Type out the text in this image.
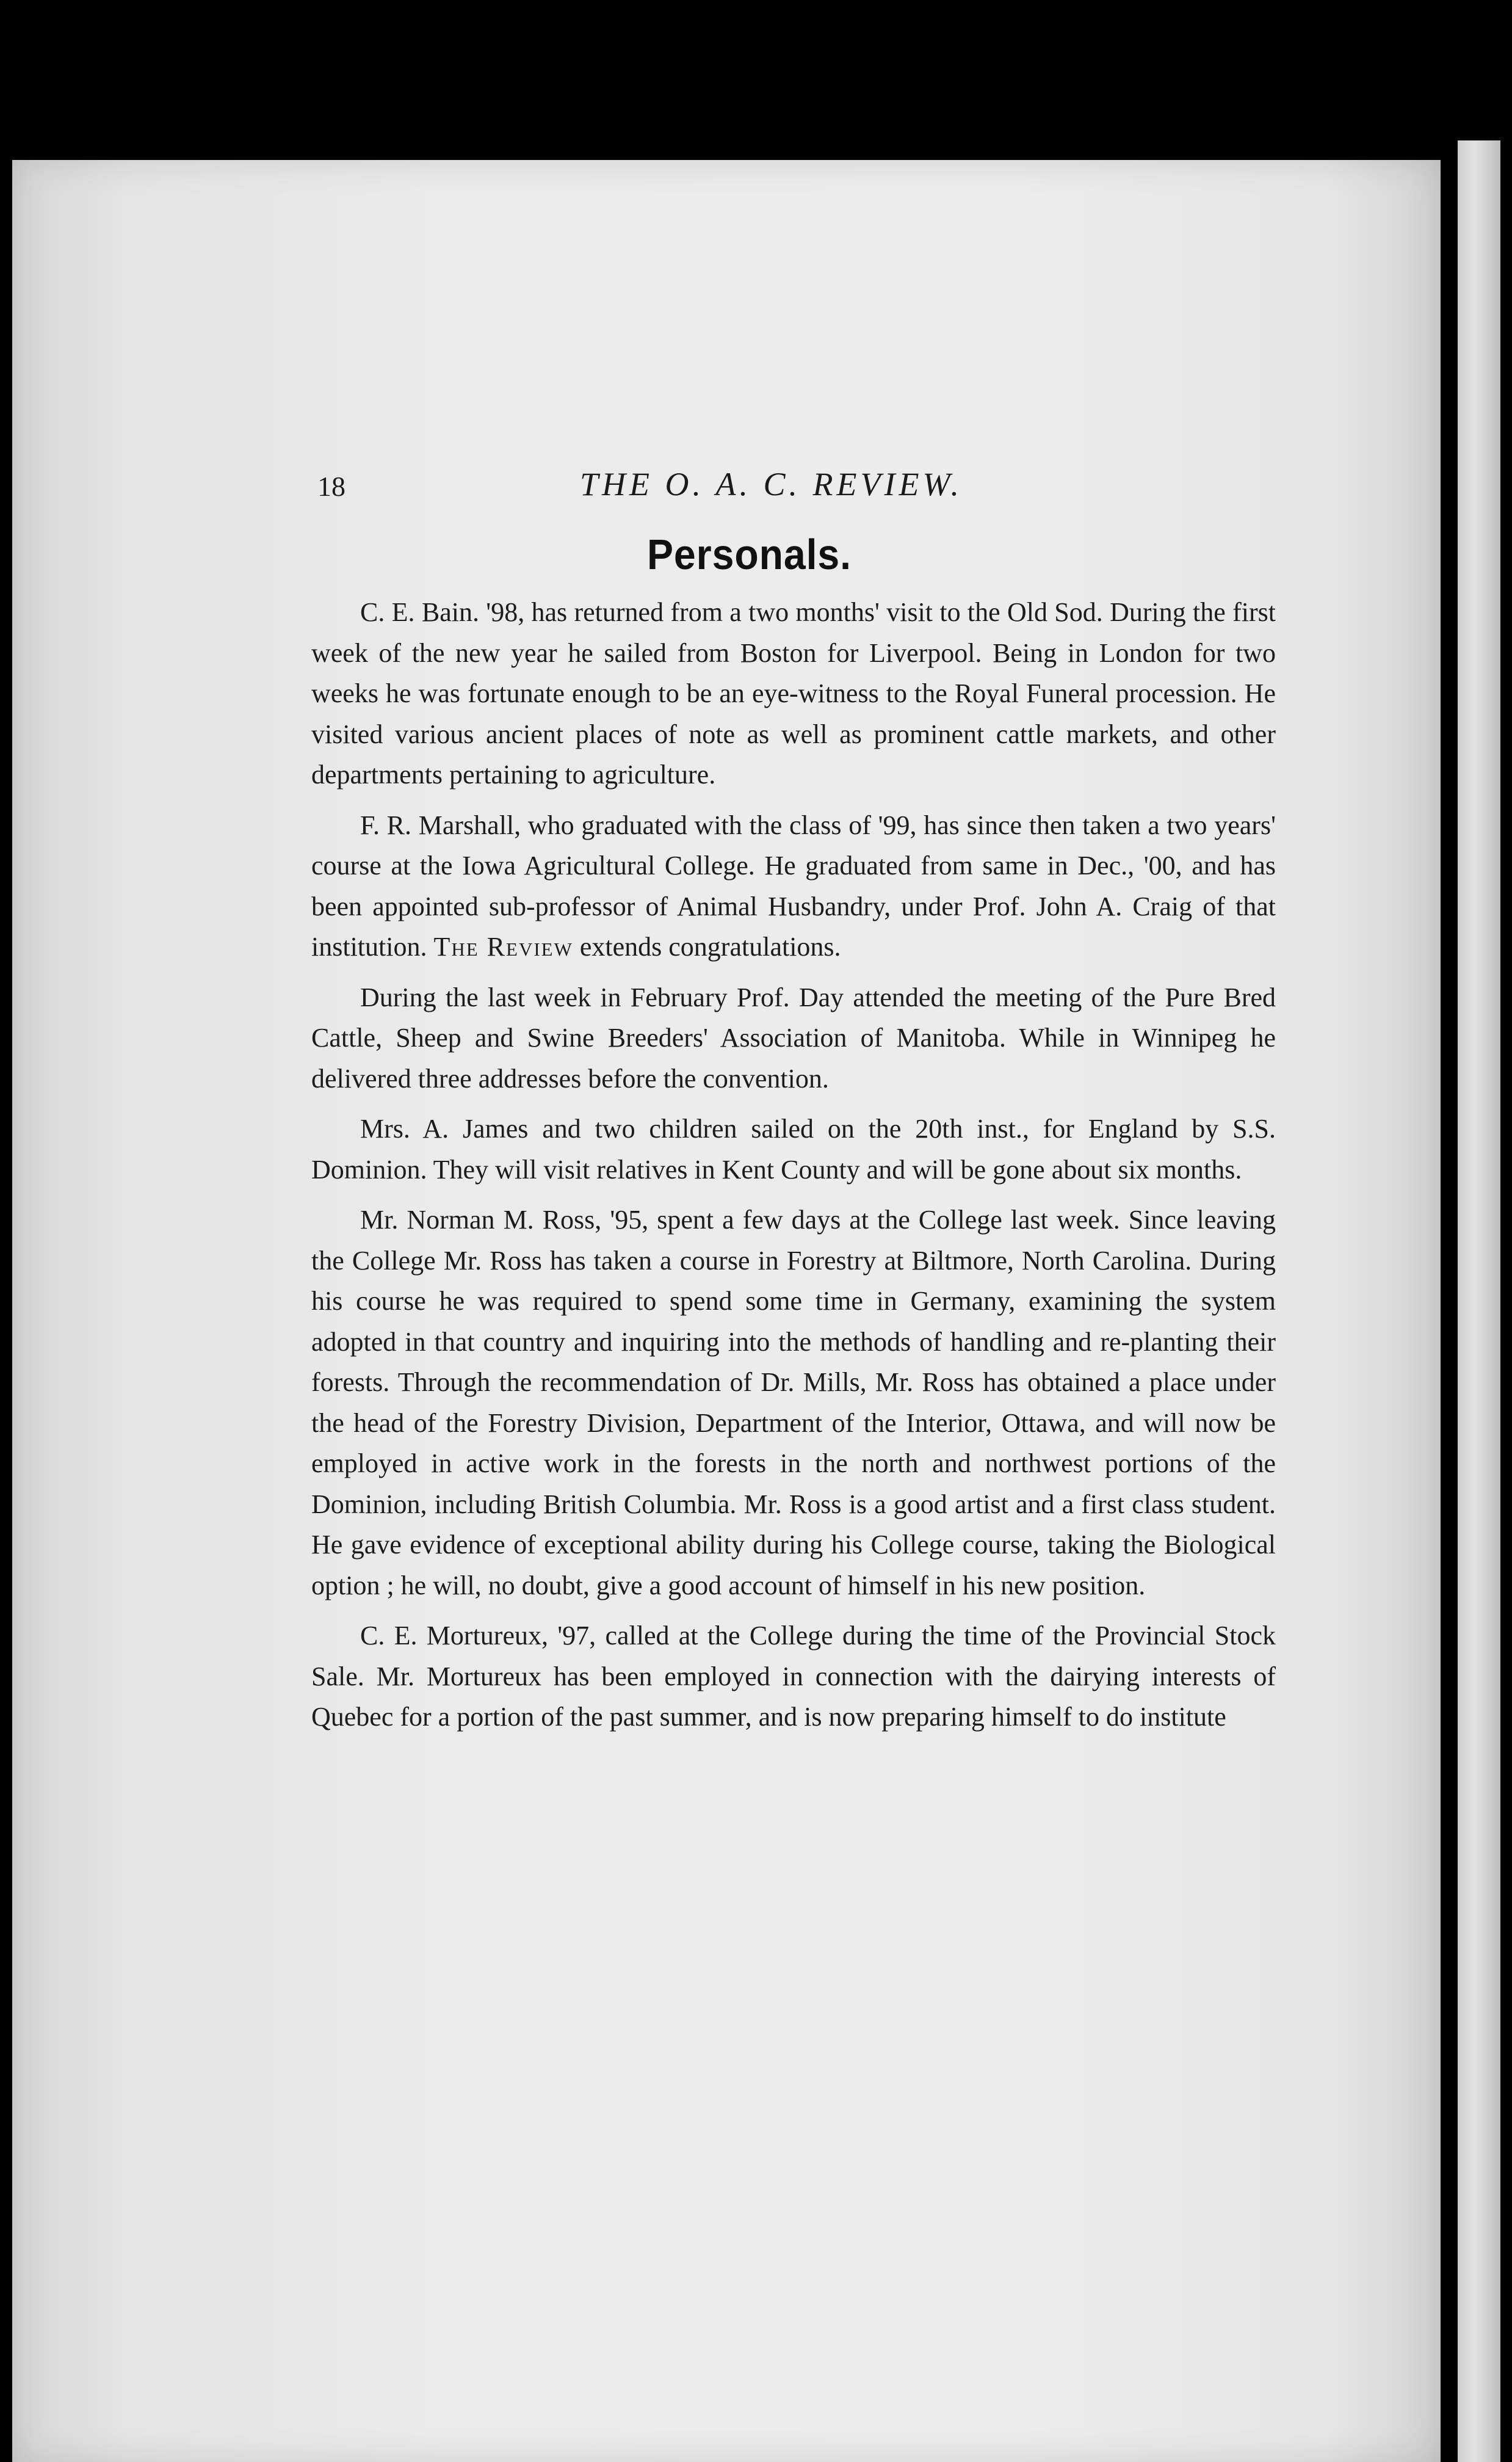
18	THE O. A. C. REVIEW.
Personals.

C. E. Bain. '98, has returned from a two months' visit to the Old Sod. During the first week of the new year he sailed from Boston for Liverpool. Being in London for two weeks he was fortunate enough to be an eye-witness to the Royal Funeral procession. He visited various ancient places of note as well as prominent cattle markets, and other departments pertaining to agriculture.

F. R. Marshall, who graduated with the class of '99, has since then taken a two years' course at the Iowa Agricultural College. He graduated from same in Dec., '00, and has been appointed sub-professor of Animal Husbandry, under Prof. John A. Craig of that institution. The Review extends congratulations.

During the last week in February Prof. Day attended the meeting of the Pure Bred Cattle, Sheep and Swine Breeders' Association of Manitoba. While in Winnipeg he delivered three addresses before the convention.

Mrs. A. James and two children sailed on the 20th inst., for England by S.S. Dominion. They will visit relatives in Kent County and will be gone about six months.

Mr. Norman M. Ross, '95, spent a few days at the College last week. Since leaving the College Mr. Ross has taken a course in Forestry at Biltmore, North Carolina. During his course he was required to spend some time in Germany, examining the system adopted in that country and inquiring into the methods of handling and re-planting their forests. Through the recommendation of Dr. Mills, Mr. Ross has obtained a place under the head of the Forestry Division, Department of the Interior, Ottawa, and will now be employed in active work in the forests in the north and northwest portions of the Dominion, including British Columbia. Mr. Ross is a good artist and a first class student. He gave evidence of exceptional ability during his College course, taking the Biological option ; he will, no doubt, give a good account of himself in his new position.

C. E. Mortureux, '97, called at the College during the time of the Provincial Stock Sale. Mr. Mortureux has been employed in connection with the dairying interests of Quebec for a portion of the past summer, and is now preparing himself to do institute
